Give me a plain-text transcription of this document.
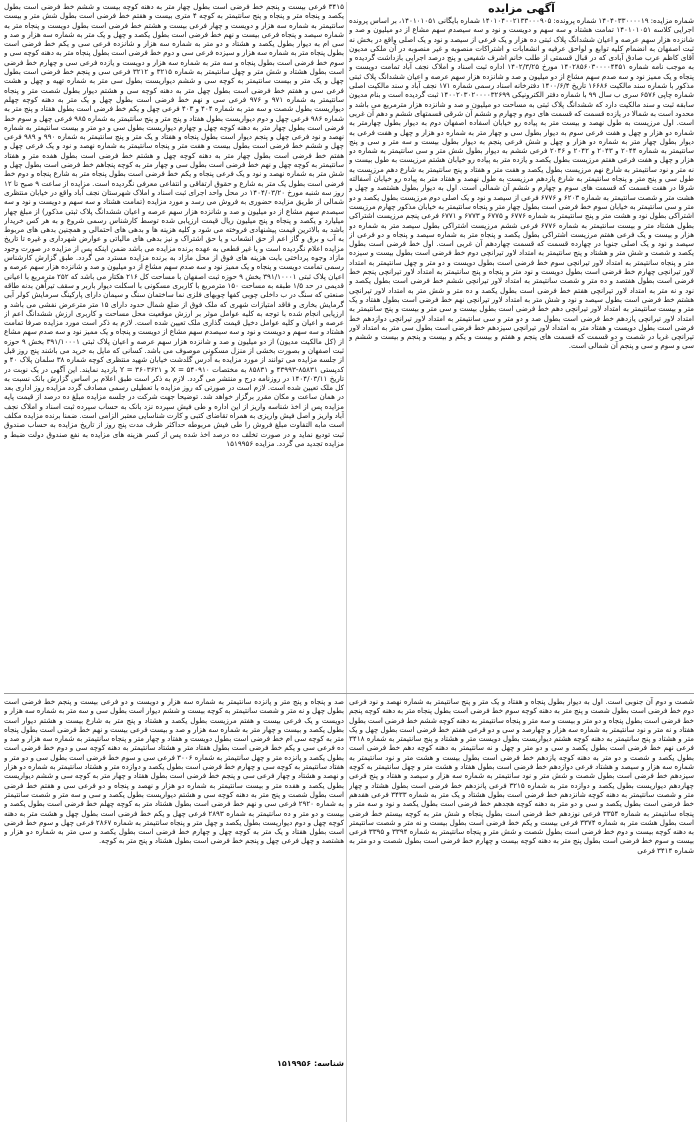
آگهی مزایده

شماره مزایده: ۱۴۰۴۰۳۳۰۰۰۰۱۹ شماره پرونده: ۱۴۰۱۰۴۰۰۲۱۳۳۰۰۰۹۰۵ شماره بایگانی ۱۴۰۱۰۱۰۵۱، بر اساس پرونده اجرایی کلاسه ۱۴۰۱۰۱۰۵۱ تمامت هشتاد و سه سهم و دویست و نود و سه سیصدم سهم مشاع از دو میلیون و صد و شانزده هزار سهم عرصه و اعیان ششدانگ پلاک ثبتی ده هزار و یک فرعی از سیصد و نود و یک اصلی واقع در بخش نه ثبت اصفهان به انضمام کلیه توابع و لواحق عرفیه و انشعابات و اشتراکات منصوبه و غیر منصوبه در آن ملکی مدیون آقای کاظم عرب صادق آبادی که در قبال قسمتی از طلب خانم اشرف شفیعی و پنج درصد اجرایی بازداشت گردیده و به موجب نامه شماره ۱۴۰۲۸۵۶۰۳۰۰۰۰۴۴۵۱ مورخ ۱۴۰۲/۳/۲۵ اداره ثبت اسناد و املاک نجف آباد تمامت دویست و پنجاه و یک ممیز نود و سه صدم سهم مشاع از دو میلیون و صد و شانزده هزار سهم عرصه و اعیان ششدانگ پلاک ثبتی مذکور با شماره سند مالکیت ۱۶۶۸۶ تاریخ ۱۴۰۰/۶/۴ دفترخانه اسناد رسمی شماره ۱۷۱ نجف آباد و سند مالکیت اصلی شماره چاپی ۶۵۷۶ سری ب سال ۹۹ با شماره دفتر الکترونیکی ۱۴۰۰۲۰۳۰۲۰۰۰۰۳۲۶۹۹ ثبت گردیده است و بنام مدیون سابقه ثبت و سند مالکیت دارد که ششدانگ پلاک ثبتی به مساحت دو میلیون و صد و شانزده هزار مترمربع می باشد و محدود است به شمالا در یازده قسمت که قسمت های دوم و چهارم و ششم آن شرقی قسمتهای ششم و دهم آن غربی است. اول مرزیست به طول نهصد و بیست متر به پیاده رو خیابان اسفاده اصفهان دوم به دیوار بطول چهارمتر به شماره دو هزار و چهل و هفت فرعی سوم به دیوار بطول سی و چهار متر به شماره دو هزار و چهل و هفت فرعی به دیوار بطول چهار متر به شماره دو هزار و چهل و شش فرعی پنجم به دیوار بطول بیست و سه متر و سی و پنج سانتیمتر به شماره ۲۰۴۴ و ۲۰۴۳ و ۲۰۴۲ و ۲۰۴۶ فرعی ششم به دیوار بطول شش متر و سی سانتیمتر به شماره دو هزار و چهل و هفت فرعی هفتم مرزیست بطول یکصد و یازده متر به پیاده رو خیابان هشتم مرزیست به طول بیست و نه متر و نود سانتیمتر به شارع نهم مرزیست بطول یکصد و هفت متر و هفتاد و پنج سانتیمتر به شارع دهم مرزیست به طول سی و پنج متر و پنجاه سانتیمتر به شارع یازدهم مرزیست به طول نهصد و هفتاد متر به پیاده رو خیابان آسفالته شرقا در هفت قسمت که قسمت های سوم و چهارم و ششم آن شمالی است. اول به دیوار بطول هشتصد و چهل و هشت متر و شصت سانتیمتر به شماره ۶۲۰۳ و ۶۷۷۶ فرعی از سیصد و نود و یک اصلی دوم مرزیست بطول یکصد و دو متر و سی سانتیمتر به خیابان سوم خط فرضی است بطول چهار متر و پنجاه سانتیمتر به خیابان مذکور چهارم مرزیست اشتراکی بطول نود و هشت متر و پنج سانتیمتر به شماره ۶۷۷۶ و ۶۷۷۵ و ۶۷۷۳ و ۶۷۷۱ فرعی پنجم مرزیست اشتراکی بطول هشتاد متر و بیست سانتیمتر به شماره ۶۷۷۶ فرعی ششم مرزیست اشتراکی بطول سیصد متر به شماره دو هزار و بیست و یک فرعی هفتم مرزیست اشتراکی بطول یکصد و پنجاه متر به شماره سیصد و پنجاه و دو فرعی از سیصد و نود و یک اصلی جنوبا در چهارده قسمت که قسمت چهاردهم آن غربی است. اول خط فرضی است بطول یکصد و شصت و شش متر و هشتاد و پنج سانتیمتر به امتداد لاور تیرانچی دوم خط فرضی است بطول بیست و سیزده متر و پنجاه سانتیمتر به امتداد لاور تیرانچی سوم خط فرضی است بطول دویست و دو متر و چهل سانتیمتر به امتداد لاور تیرانچی چهارم خط فرضی است بطول دویست و نود متر و پنجاه و پنج سانتیمتر به امتداد لاور تیرانچی پنجم خط فرضی است بطول هفتصد و ده متر و شصت سانتیمتر به امتداد لاور تیرانچی ششم خط فرضی است بطول یکصد و نود و نه متر به امتداد لاور تیرانچی هفتم خط فرضی است بطول یکصد و ده متر و شش متر به امتداد لاور تیرانچی هشتم خط فرضی است بطول سیصد و نود و شش متر به امتداد لاور تیرانچی نهم خط فرضی است بطول هفتاد و یک متر و بیست سانتیمتر به امتداد لاور تیرانچی دهم خط فرضی است بطول بیست و سی متر و بیست و پنج سانتیمتر به امتداد لاور تیرانچی یازدهم خط فرضی است بطول صد و دو متر و سی سانتیمتر به امتداد لاور تیرانچی دوازدهم خط فرضی است بطول دویست و هفتاد متر به امتداد لاور تیرانچی سیزدهم خط فرضی است بطول سی متر به امتداد لاور تیرانچی غربا در شصت و دو قسمت که قسمت های پنجم و هفتم و بیست و یکم و بیست و پنجم و بیست و ششم و سی و سوم و سی و پنجم آن شمالی است.

۳۴۱۵ فرعی بیست و پنجم خط فرضی است بطول چهار متر به دهنه کوچه بیست و ششم خط فرضی است بطول یکصد و پنجاه متر و پنجاه و پنج سانتیمتر به کوچه ۴ متری بیست و هفتم خط فرضی است بطول شش متر و بیست سانتیمتر به شماره سه هزار و دویست و چهار فرعی بیست و هشتم خط فرضی است بطول دویست و پنجاه متر به شماره سیصد و پنجاه فرعی بیست و نهم خط فرضی است بطول یکصد و چهل و یک متر به شماره سه هزار و صد و سی ام به دیوار بطول یکصد و هشتاد و دو متر به شماره سه هزار و شانزده فرعی سی و یکم خط فرضی است بطول پنجاه متر به شماره سه هزار و سیزده فرعی سی و دوم خط فرضی است بطول پنجاه متر به دهنه کوچه سی و سوم خط فرضی است بطول پنجاه و سه متر به شماره سه هزار و دویست و یازده فرعی سی و چهارم خط فرضی است بطول هشتاد و شش متر و چهل سانتیمتر به شماره ۳۲۱۵ و ۳۲۱۲ فرعی سی و پنجم خط فرضی است بطول چهل و یک متر و بیست سانتیمتر به کوچه سی و ششم دیواریست بطول سی متر به شماره تهیه و چهل و هشت فرعی سی و هفتم خط فرضی است بطول چهل متر به دهنه کوچه سی و هشتم دیوار بطول شصت متر و پنجاه سانتیمتر به شماره ۹۷۱ و ۹۷۶ فرعی سی و نهم خط فرضی است بطول چهل و یک متر به دهنه کوچه چهلم دیواریست بطول شصت و سه متر به شماره ۴۰۴ و ۴۰۳ فرعی چهل و یکم خط فرضی است بطول هفتاد و پنج متر به شماره ۹۸۶ فرعی چهل و دوم دیواریست بطول هفتاد و پنج متر و پنج سانتیمتر به شماره ۹۸۵ فرعی چهل و سوم خط فرضی است بطول چهار متر به دهنه کوچه چهل و چهارم دیواریست بطول سی و دو متر و بیست سانتیمتر به شماره نهصد و نود فرعی چهل و پنجم دیوار است بطول پنجاه و هفتاد و یک متر و پنج سانتیمتر به شماره ۹۹۰ و ۹۸۹ فرعی چهل و ششم خط فرضی است بطول بیست و هفت متر و پنجاه سانتیمتر به شماره نهصد و نود و یک فرعی چهل و هفتم خط فرضی است بطول چهار متر به دهنه کوچه چهل و هشتم خط فرضی است بطول هفده متر و هفتاد سانتیمتر به کوچه چهل و نهم خط فرضی است بطول سی و چهار متر به کوچه پنجاهم خط فرضی است بطول چهل و شش متر به شماره نهصد و نود و یک فرعی پنجاه و یکم خط فرضی است بطول پنجاه متر به شارع پنجاه و دوم خط فرضی است بطول یک متر به شارع و حقوق ارتفاقی و انتفاعی معرفی نگردیده است. مزایده از ساعت ۹ صبح تا ۱۲ روز سه شنبه مورخ ۱۴۰۴/۰۳/۲۰ در محل واحد اجرای ثبت اسناد و املاک شهرستان نجف آباد واقع در خیابان منتظری شمالی از طریق مزایده حضوری به فروش می رسد و مورد مزایده (تمامت هشتاد و سه سهم و دویست و نود و سه سیصدم سهم مشاع از دو میلیون و صد و شانزده هزار سهم عرصه و اعیان ششدانگ پلاک ثبتی مذکور) از مبلغ چهار میلیارد و یکصد و پنجاه و پنج میلیون ریال قیمت ارزیابی شده توسط کارشناس رسمی شروع و به هر کس خریدار باشد به بالاترین قیمت پیشنهادی فروخته می شود و کلیه هزینه ها و بدهی های احتمالی و همچنین بدهی های مربوط به آب و برق و گاز اعم از حق انشعاب و یا حق اشتراک و نیز بدهی های مالیاتی و عوارض شهرداری و غیره تا تاریخ مزایده اعلام نگردیده است و یا غیر قطعی به عهده برنده مزایده می باشد ضمن اینکه پس از مزایده در صورت وجود مازاد وجوه پرداختی بابت هزینه های فوق از محل مازاد به برنده مزایده مسترد می گردد. طبق گزارش کارشناس رسمی تمامت دویست و پنجاه و یک ممیز نود و سه صدم سهم مشاع از دو میلیون و صد و شانزده هزار سهم عرصه و اعیان پلاک ثبتی ۳۹۱/۱۰۰۰۱ بخش ۹ حوزه ثبت اصفهان با مساحت کل ۲۱۶ هکتار می باشد که ۲۵۲ مترمربع با اعیانی قدیمی در حد ۱/۵ طبقه به مساحت ۱۵۰ مترمربع با کاربری مسکونی با اسکلت دیوار باربر و سقف تیرآهن بدنه طاقه صنعتی که سنگ در ب داخلی چوبی کفها چوبهای فلزی نما ساختمان سنگ و سیمان دارای پارکینگ سرمایش کولر آبی گرمایش بخاری و فاقد امتیازات شهری که ملک فوق از ضلع شمال حدود دارای ۱۵ متر مترعرض نفشی می باشد و ارزیابی انجام شده با توجه به کلیه عوامل موثر بر ارزش موقعیت محل مساحت و کاربری ارزش ششدانگ اعم از عرصه و اعیان و کلیه عوامل دخیل قیمت گذاری ملک تعیین شده است. لازم به ذکر است مورد مزایده صرفا تمامت هشتاد و سه سهم و دویست و نود و سه سیصدم سهم مشاع از دویست و پنجاه و یک ممیز نود و سه صدم سهم مشاع از (کل مالکیت مدیون) از دو میلیون و صد و شانزده هزار سهم عرصه و اعیان پلاک ثبتی ۳۹۱/۱۰۰۰۱ بخش ۹ حوزه ثبت اصفهان و بصورت بخشی از منزل مسکونی موصوف می باشد. کسانی که مایل به خرید می باشند پنج روز قبل از جلسه مزایده می توانند از مورد مزایده به آدرس گلدشت خیابان شهید منتظری کوچه شماره ۳۸ سلمان پلاک ۴۰ و کدپستی ۸۵۸۳۱-۴۳۹۹۳ و ۸۵۸۳۱ به مختصات ۵۴۰۹۱۰ = X و ۳۶۰۳۶۲۱ = Y بازدید نمایند. این آگهی در یک نوبت در تاریخ ۱۴۰۴/۰۳/۱۱ در روزنامه درج و منتشر می گردد. لازم به ذکر است طبق اعلام بر اساس گزارش بانک نسبت به کل ملک تعیین شده است. لازم است در صورتی که روز مزایده با تعطیلی رسمی مصادف گردد مزایده روز اداری بعد در همان ساعت و مکان مقرر برگزار خواهد شد. توضیحا جهت شرکت در جلسه مزایده مبلغ ده درصد از قیمت پایه مزایده پس از اخذ شناسه واریز از این اداره و طی فیش سپرده نزد بانک به حساب سپرده ثبت اسناد و املاک نجف آباد واریز و اصل فیش واریزی به همراه تقاضای کتبی و کارت شناسایی معتبر الزامی است. ضمنا برنده مزایده مکلف است مابه التفاوت مبلغ فروش را طی فیش مربوطه حداکثر ظرف مدت پنج روز از تاریخ مزایده به حساب صندوق ثبت تودیع نماید و در صورت تخلف ده درصد اخذ شده پس از کسر هزینه های مزایده به نفع صندوق دولت ضبط و مزایده تجدید می گردد. مزایده ۱۵۱۹۹۵۶

شصت و دوم آن جنوبی است. اول به دیوار بطول پنجاه و هفتاد و یک متر و پنج سانتیمتر به شماره نهصد و نود فرعی دوم خط فرضی است بطول شصت و پنج متر به دهنه کوچه سوم خط فرضی است بطول پنجاه متر به دهنه کوچه پنجم خط فرضی است بطول پنجاه و دو متر و بیست و سه متر و پنجاه سانتیمتر به دهنه کوچه ششم خط فرضی است بطول هفتاد و نه متر و نود سانتیمتر به شماره سه هزار و چهارصد و سی و دو فرعی هفتم خط فرضی است بطول چهل و یک متر و هشتاد و پنج سانتیمتر به دهنه کوچه هشتم دیواریست بطول دویست متر و هشتاد و پنج سانتیمتر به شماره ۳۴۱۸ فرعی نهم خط فرضی است بطول یکصد و سی و دو متر و چهل و نه سانتیمتر به دهنه کوچه دهم خط فرضی است بطول یکصد و شصت و دو متر به دهنه کوچه یازدهم خط فرضی است بطول بیست و هشت متر و نود سانتیمتر به شماره سه هزار و سیصد و هشتاد فرعی دوازدهم خط فرضی است بطول هفتاد و هشت متر و چهل سانتیمتر به کوچه سیزدهم خط فرضی است بطول شصت و شش متر و نود سانتیمتر به شماره سه هزار و سیصد و هفتاد و پنج فرعی چهاردهم دیواریست بطول یکصد و دوازده متر به شماره ۳۲۱۵ فرعی پانزدهم خط فرضی است بطول هشتاد و چهار متر و شصت سانتیمتر به دهنه کوچه شانزدهم خط فرضی است بطول هشتاد و یک متر به شماره ۳۴۳۳ فرعی هفدهم خط فرضی است بطول یکصد و سی و دو متر به دهنه کوچه هجدهم خط فرضی است بطول یکصد و نود و سه متر و پنجاه سانتیمتر به شماره ۳۳۵۴ فرعی نوزدهم خط فرضی است بطول پنجاه و شش متر به کوچه بیستم خط فرضی است بطول هشت متر به شماره ۳۳۷۴ فرعی بیست و یکم خط فرضی است بطول بیست و نه متر و شصت سانتیمتر به دهنه کوچه بیست و دوم خط فرضی است بطول شصت و شش متر و پنجاه سانتیمتر به شماره ۳۳۹۴ و ۳۳۹۵ فرعی بیست و سوم خط فرضی است بطول پنج متر به دهنه کوچه بیست و چهارم خط فرضی است بطول شصت و دو متر به شماره ۳۴۱۴ فرعی

صد و پنجاه و پنج متر و پانزده سانتیمتر به شماره سه هزار و دویست و دو فرعی بیست و پنجم خط فرضی است بطول چهل و نه متر و شصت سانتیمتر به کوچه بیست و ششم دیوار است بطول سی و سه متر به شماره سه هزار و دویست و یک فرعی بیست و هفتم مرزیست بطول یکصد و هشتاد و پنج متر به شارع بیست و هشتم دیوار است بطول یکصد و بیست و چهار متر به شماره سه هزار و صد و بیست فرعی بیست و نهم خط فرضی است بطول پنجاه متر به کوچه سی ام خط فرضی است بطول دویست و هفتاد و چهار متر و پنجاه سانتیمتر به شماره سه هزار و صد و ده فرعی سی و یکم خط فرضی است بطول هفتاد متر و هشتاد سانتیمتر به دهنه کوچه سی و دوم خط فرضی است بطول یکصد و پانزده متر و چهل سانتیمتر به شماره ۳۰۰۶ فرعی سی و سوم خط فرضی است بطول سی و دو متر و هفتاد سانتیمتر به کوچه سی و چهارم خط فرضی است بطول یکصد و دوازده متر و هشتاد سانتیمتر به شماره دو هزار و نهصد و هشتاد و چهار فرعی سی و پنجم خط فرضی است بطول هفتاد و چهار متر به کوچه سی و ششم دیواریست بطول یکصد و هفده متر و بیست سانتیمتر به شماره دو هزار و نهصد و پنجاه و دو فرعی سی و هفتم خط فرضی است بطول شصت و پنج متر به دهنه کوچه سی و هشتم دیواریست بطول یکصد و سی و سه متر و شصت سانتیمتر به شماره ۲۹۲۰ فرعی سی و نهم خط فرضی است بطول هشتاد متر به کوچه چهلم خط فرضی است بطول یکصد و بیست و دو متر و ده سانتیمتر به شماره ۲۸۹۳ فرعی چهل و یکم خط فرضی است بطول چهل و هشت متر به دهنه کوچه چهل و دوم دیواریست بطول یکصد و چهل متر و پنجاه سانتیمتر به شماره ۲۸۶۷ فرعی چهل و سوم خط فرضی است بطول هفتاد و یک متر به کوچه چهل و چهارم خط فرضی است بطول یکصد و سی متر به شماره دو هزار و هشتصد و چهل فرعی چهل و پنجم خط فرضی است بطول هشتاد و پنج متر به کوچه.

شناسه: ۱۵۱۹۹۵۶
